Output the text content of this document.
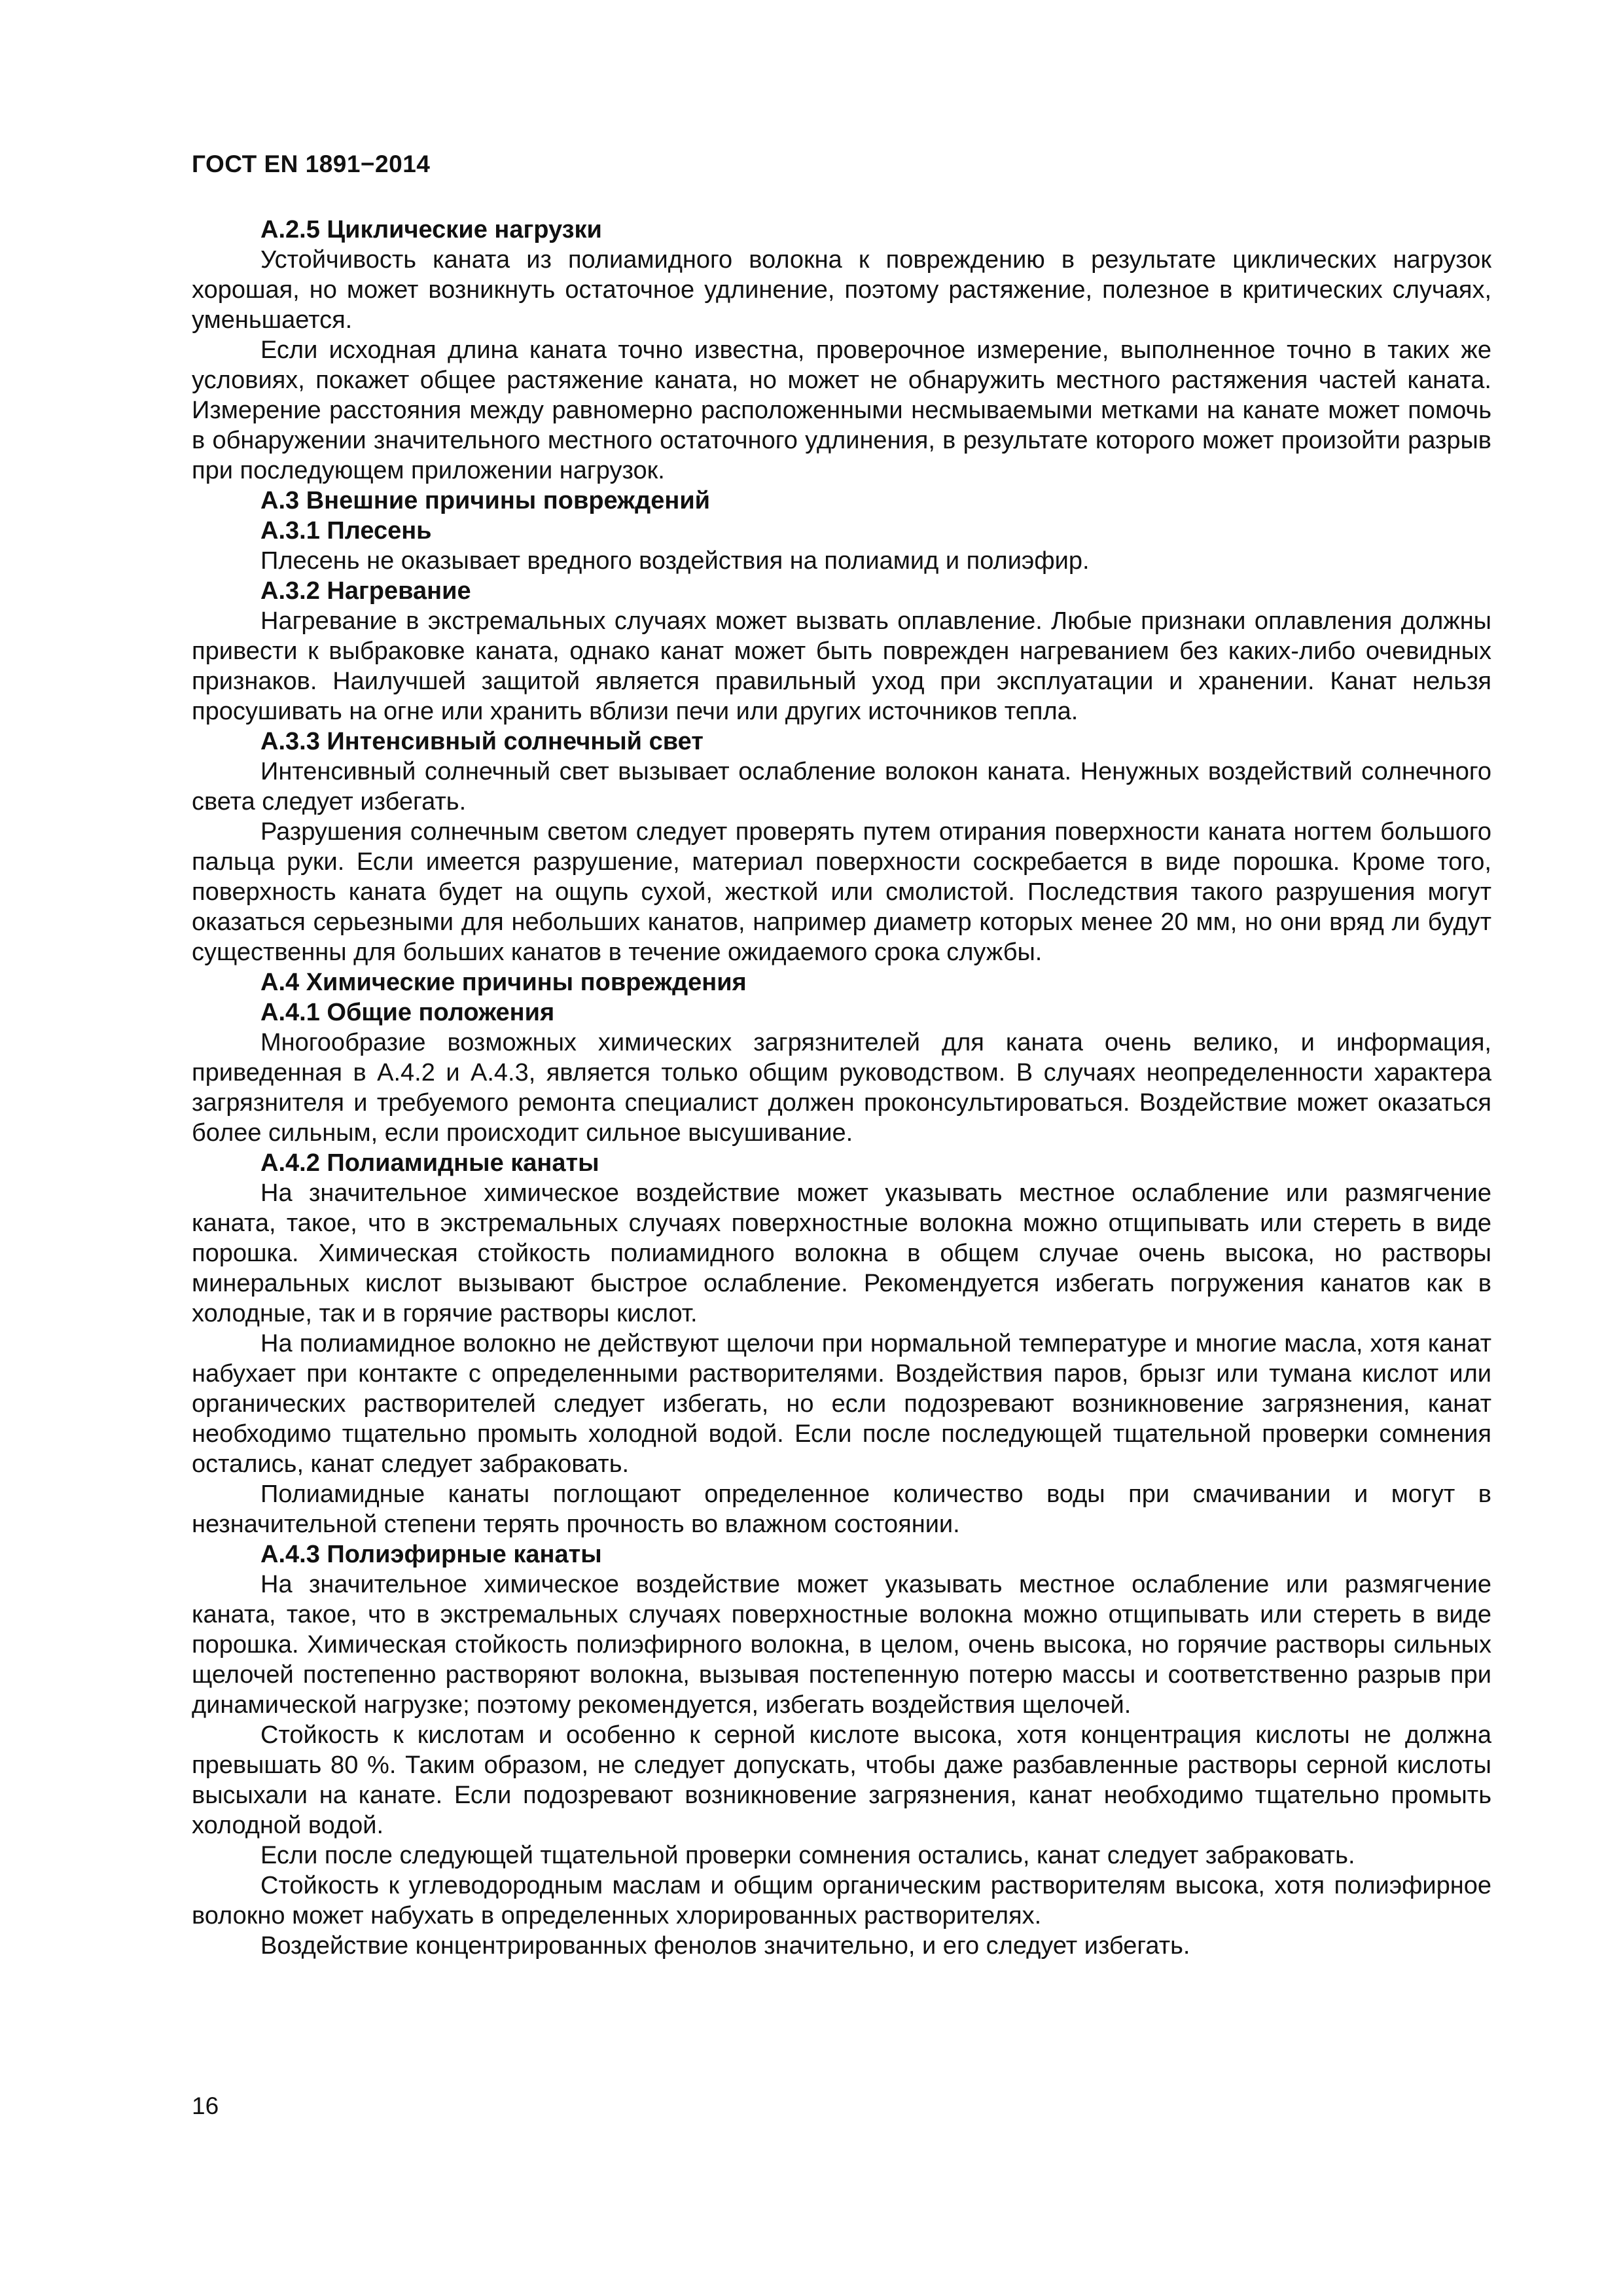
ГОСТ EN 1891−2014
А.2.5 Циклические нагрузки
Устойчивость каната из полиамидного волокна к повреждению в результате циклических нагрузок хорошая, но может возникнуть остаточное удлинение, поэтому растяжение, полезное в критических случаях, уменьшается.
Если исходная длина каната точно известна, проверочное измерение, выполненное точно в таких же условиях, покажет общее растяжение каната, но может не обнаружить местного растяжения частей каната. Измерение расстояния между равномерно расположенными несмываемыми метками на канате может помочь в обнаружении значительного местного остаточного удлинения, в результате которого может произойти разрыв при последующем приложении нагрузок.
А.3 Внешние причины повреждений
А.3.1 Плесень
Плесень не оказывает вредного воздействия на полиамид и полиэфир.
А.3.2 Нагревание
Нагревание в экстремальных случаях может вызвать оплавление. Любые признаки оплавления должны привести к выбраковке каната, однако канат может быть поврежден нагреванием без каких-либо очевидных признаков. Наилучшей защитой является правильный уход при эксплуатации и хранении. Канат нельзя просушивать на огне или хранить вблизи печи или других источников тепла.
А.3.3 Интенсивный солнечный свет
Интенсивный солнечный свет вызывает ослабление волокон каната. Ненужных воздействий солнечного света следует избегать.
Разрушения солнечным светом следует проверять путем отирания поверхности каната ногтем большого пальца руки. Если имеется разрушение, материал поверхности соскребается в виде порошка. Кроме того, поверхность каната будет на ощупь сухой, жесткой или смолистой. Последствия такого разрушения могут оказаться серьезными для небольших канатов, например диаметр которых менее 20 мм, но они вряд ли будут существенны для больших канатов в течение ожидаемого срока службы.
А.4 Химические причины повреждения
А.4.1 Общие положения
Многообразие возможных химических загрязнителей для каната очень велико, и информация, приведенная в А.4.2 и А.4.3, является только общим руководством. В случаях неопределенности характера загрязнителя и требуемого ремонта специалист должен проконсультироваться. Воздействие может оказаться более сильным, если происходит сильное высушивание.
А.4.2 Полиамидные канаты
На значительное химическое воздействие может указывать местное ослабление или размягчение каната, такое, что в экстремальных случаях поверхностные волокна можно отщипывать или стереть в виде порошка. Химическая стойкость полиамидного волокна в общем случае очень высока, но растворы минеральных кислот вызывают быстрое ослабление. Рекомендуется избегать погружения канатов как в холодные, так и в горячие растворы кислот.
На полиамидное волокно не действуют щелочи при нормальной температуре и многие масла, хотя канат набухает при контакте с определенными растворителями. Воздействия паров, брызг или тумана кислот или органических растворителей следует избегать, но если подозревают возникновение загрязнения, канат необходимо тщательно промыть холодной водой. Если после последующей тщательной проверки сомнения остались, канат следует забраковать.
Полиамидные канаты поглощают определенное количество воды при смачивании и могут в незначительной степени терять прочность во влажном состоянии.
А.4.3 Полиэфирные канаты
На значительное химическое воздействие может указывать местное ослабление или размягчение каната, такое, что в экстремальных случаях поверхностные волокна можно отщипывать или стереть в виде порошка. Химическая стойкость полиэфирного волокна, в целом, очень высока, но горячие растворы сильных щелочей постепенно растворяют волокна, вызывая постепенную потерю массы и соответственно разрыв при динамической нагрузке; поэтому рекомендуется, избегать воздействия щелочей.
Стойкость к кислотам и особенно к серной кислоте высока, хотя концентрация кислоты не должна превышать 80 %. Таким образом, не следует допускать, чтобы даже разбавленные растворы серной кислоты высыхали на канате. Если подозревают возникновение загрязнения, канат необходимо тщательно промыть холодной водой.
Если после следующей тщательной проверки сомнения остались, канат следует забраковать.
Стойкость к углеводородным маслам и общим органическим растворителям высока, хотя полиэфирное волокно может набухать в определенных хлорированных растворителях.
Воздействие концентрированных фенолов значительно, и его следует избегать.
16
